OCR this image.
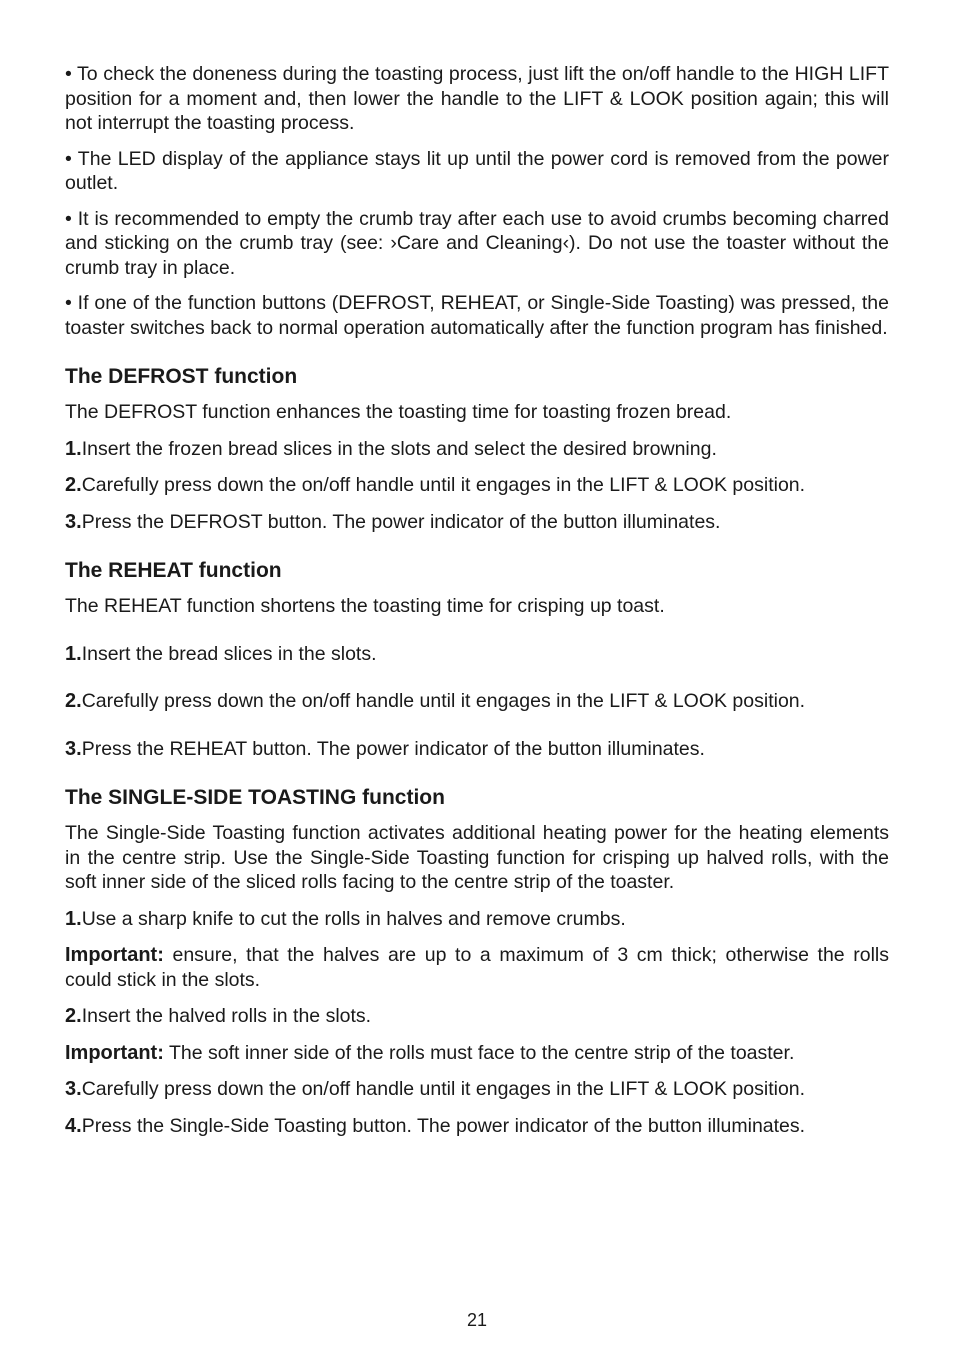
• To check the doneness during the toasting process, just lift the on/off handle to the HIGH LIFT position for a moment and, then lower the handle to the LIFT & LOOK position again; this will not interrupt the toasting process.

• The LED display of the appliance stays lit up until the power cord is removed from the power outlet.

• It is recommended to empty the crumb tray after each use to avoid crumbs becoming charred and sticking on the crumb tray (see: ›Care and Cleaning‹). Do not use the toaster without the crumb tray in place.

• If one of the function buttons (DEFROST, REHEAT, or Single-Side Toasting) was pressed, the toaster switches back to normal operation automatically after the function program has finished.

The DEFROST function

The DEFROST function enhances the toasting time for toasting frozen bread.

1.Insert the frozen bread slices in the slots and select the desired browning.

2.Carefully press down the on/off handle until it engages in the LIFT & LOOK position.

3.Press the DEFROST button. The power indicator of the button illuminates.

The REHEAT function

The REHEAT function shortens the toasting time for crisping up toast.

1.Insert the bread slices in the slots.

2.Carefully press down the on/off handle until it engages in the LIFT & LOOK position.

3.Press the REHEAT button. The power indicator of the button illuminates.

The SINGLE-SIDE TOASTING function

The Single-Side Toasting function activates additional heating power for the heating elements in the centre strip. Use the Single-Side Toasting function for crisping up halved rolls, with the soft inner side of the sliced rolls facing to the centre strip of the toaster.

1.Use a sharp knife to cut the rolls in halves and remove crumbs.

Important: ensure, that the halves are up to a maximum of 3 cm thick; otherwise the rolls could stick in the slots.

2.Insert the halved rolls in the slots.

Important: The soft inner side of the rolls must face to the centre strip of the toaster.

3.Carefully press down the on/off handle until it engages in the LIFT & LOOK position.

4.Press the Single-Side Toasting button. The power indicator of the button illuminates.

21
